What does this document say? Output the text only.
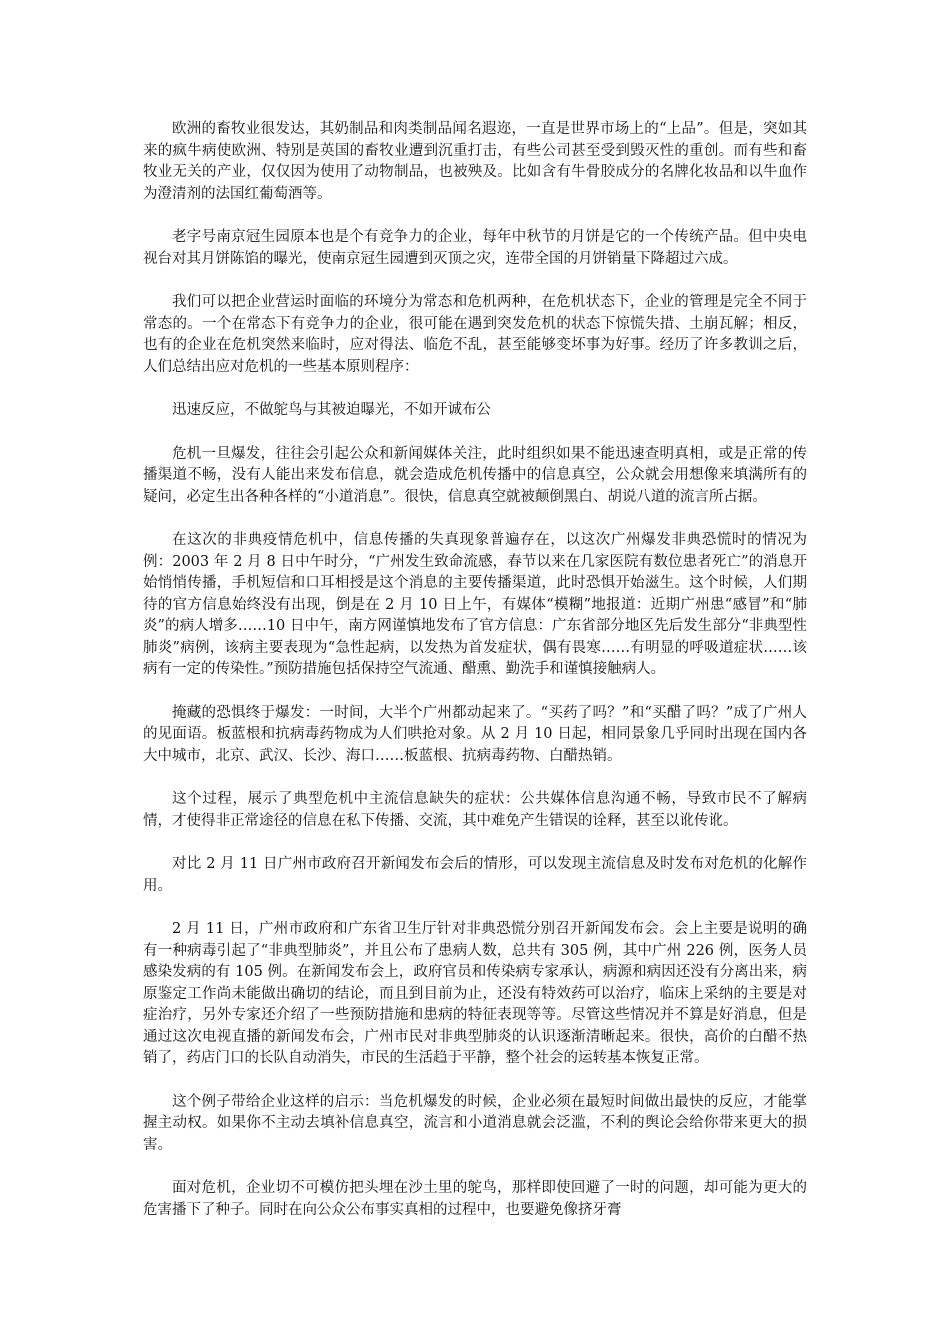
欧洲的畜牧业很发达，其奶制品和肉类制品闻名遐迩，一直是世界市场上的“上品”。但是，突如其来的疯牛病使欧洲、特别是英国的畜牧业遭到沉重打击，有些公司甚至受到毁灭性的重创。而有些和畜牧业无关的产业，仅仅因为使用了动物制品，也被殃及。比如含有牛骨胶成分的名牌化妆品和以牛血作为澄清剂的法国红葡萄酒等。

老字号南京冠生园原本也是个有竞争力的企业，每年中秋节的月饼是它的一个传统产品。但中央电视台对其月饼陈馅的曝光，使南京冠生园遭到灭顶之灾，连带全国的月饼销量下降超过六成。

我们可以把企业营运时面临的环境分为常态和危机两种，在危机状态下，企业的管理是完全不同于常态的。一个在常态下有竞争力的企业，很可能在遇到突发危机的状态下惊慌失措、土崩瓦解；相反，也有的企业在危机突然来临时，应对得法、临危不乱，甚至能够变坏事为好事。经历了许多教训之后，人们总结出应对危机的一些基本原则程序：

迅速反应，不做鸵鸟与其被迫曝光，不如开诚布公

危机一旦爆发，往往会引起公众和新闻媒体关注，此时组织如果不能迅速查明真相，或是正常的传播渠道不畅，没有人能出来发布信息，就会造成危机传播中的信息真空，公众就会用想像来填满所有的疑问，必定生出各种各样的“小道消息”。很快，信息真空就被颠倒黑白、胡说八道的流言所占据。

在这次的非典疫情危机中，信息传播的失真现象普遍存在，以这次广州爆发非典恐慌时的情况为例：2003 年 2 月 8 日中午时分，“广州发生致命流感，春节以来在几家医院有数位患者死亡”的消息开始悄悄传播，手机短信和口耳相授是这个消息的主要传播渠道，此时恐惧开始滋生。这个时候，人们期待的官方信息始终没有出现，倒是在 2 月 10 日上午，有媒体“模糊”地报道：近期广州患“感冒”和“肺炎”的病人增多……10 日中午，南方网谨慎地发布了官方信息：广东省部分地区先后发生部分“非典型性肺炎”病例，该病主要表现为“急性起病，以发热为首发症状，偶有畏寒……有明显的呼吸道症状……该病有一定的传染性。”预防措施包括保持空气流通、醋熏、勤洗手和谨慎接触病人。

掩藏的恐惧终于爆发：一时间，大半个广州都动起来了。“买药了吗？”和“买醋了吗？”成了广州人的见面语。板蓝根和抗病毒药物成为人们哄抢对象。从 2 月 10 日起，相同景象几乎同时出现在国内各大中城市，北京、武汉、长沙、海口……板蓝根、抗病毒药物、白醋热销。

这个过程，展示了典型危机中主流信息缺失的症状：公共媒体信息沟通不畅，导致市民不了解病情，才使得非正常途径的信息在私下传播、交流，其中难免产生错误的诠释，甚至以讹传讹。

对比 2 月 11 日广州市政府召开新闻发布会后的情形，可以发现主流信息及时发布对危机的化解作用。

2 月 11 日，广州市政府和广东省卫生厅针对非典恐慌分别召开新闻发布会。会上主要是说明的确有一种病毒引起了“非典型肺炎”，并且公布了患病人数，总共有 305 例，其中广州 226 例，医务人员感染发病的有 105 例。在新闻发布会上，政府官员和传染病专家承认，病源和病因还没有分离出来，病原鉴定工作尚未能做出确切的结论，而且到目前为止，还没有特效药可以治疗，临床上采纳的主要是对症治疗，另外专家还介绍了一些预防措施和患病的特征表现等等。尽管这些情况并不算是好消息，但是通过这次电视直播的新闻发布会，广州市民对非典型肺炎的认识逐渐清晰起来。很快，高价的白醋不热销了，药店门口的长队自动消失，市民的生活趋于平静，整个社会的运转基本恢复正常。

这个例子带给企业这样的启示：当危机爆发的时候，企业必须在最短时间做出最快的反应，才能掌握主动权。如果你不主动去填补信息真空，流言和小道消息就会泛滥，不利的舆论会给你带来更大的损害。

面对危机，企业切不可模仿把头埋在沙土里的鸵鸟，那样即使回避了一时的问题，却可能为更大的危害播下了种子。同时在向公众公布事实真相的过程中，也要避免像挤牙膏
